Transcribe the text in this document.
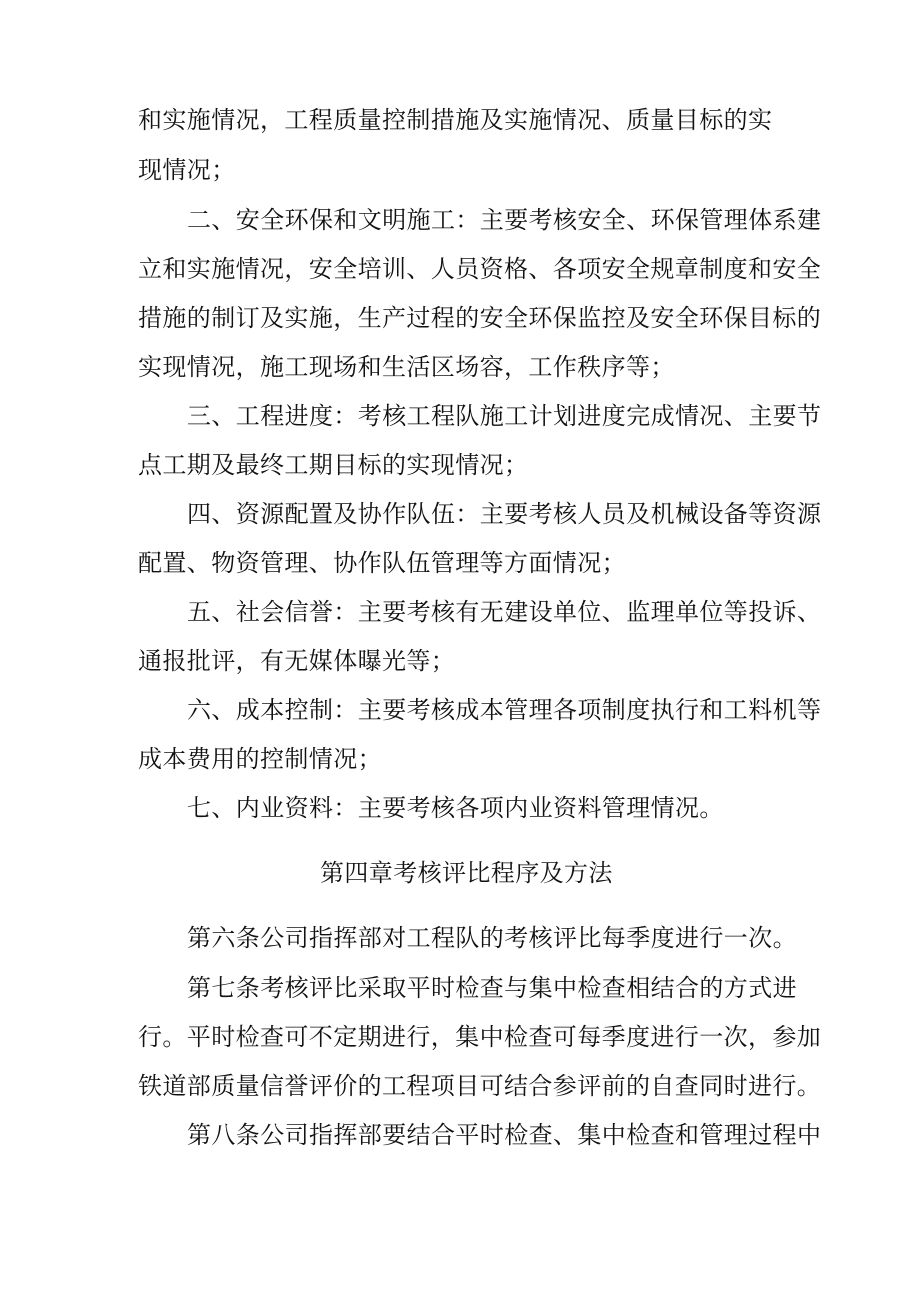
和实施情况，工程质量控制措施及实施情况、质量目标的实
现情况；
二、安全环保和文明施工：主要考核安全、环保管理体系建
立和实施情况，安全培训、人员资格、各项安全规章制度和安全
措施的制订及实施，生产过程的安全环保监控及安全环保目标的
实现情况，施工现场和生活区场容，工作秩序等；
三、工程进度：考核工程队施工计划进度完成情况、主要节
点工期及最终工期目标的实现情况；
四、资源配置及协作队伍：主要考核人员及机械设备等资源
配置、物资管理、协作队伍管理等方面情况；
五、社会信誉：主要考核有无建设单位、监理单位等投诉、
通报批评，有无媒体曝光等；
六、成本控制：主要考核成本管理各项制度执行和工料机等
成本费用的控制情况；
七、内业资料：主要考核各项内业资料管理情况。
第四章考核评比程序及方法
第六条公司指挥部对工程队的考核评比每季度进行一次。
第七条考核评比采取平时检查与集中检查相结合的方式进
行。平时检查可不定期进行，集中检查可每季度进行一次，参加
铁道部质量信誉评价的工程项目可结合参评前的自查同时进行。
第八条公司指挥部要结合平时检查、集中检查和管理过程中
